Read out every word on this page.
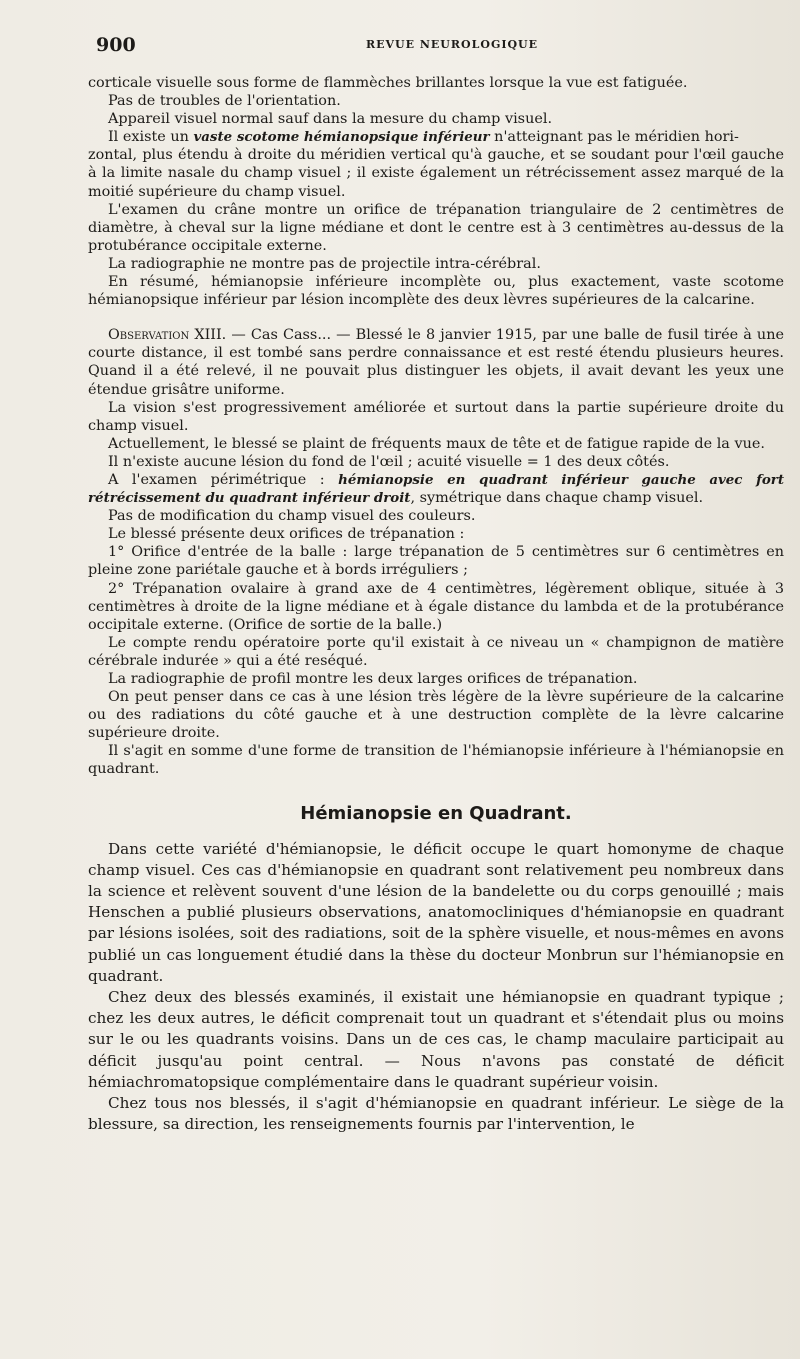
900	REVUE NEUROLOGIQUE

corticale visuelle sous forme de flammèches brillantes lorsque la vue est fatiguée.

Pas de troubles de l'orientation.

Appareil visuel normal sauf dans la mesure du champ visuel.

Il existe un vaste scotome hémianopsique inférieur n'atteignant pas le méridien hori-

zontal, plus étendu à droite du méridien vertical qu'à gauche, et se soudant pour l'œil gauche à la limite nasale du champ visuel ; il existe également un rétrécissement assez marqué de la moitié supérieure du champ visuel.

L'examen du crâne montre un orifice de trépanation triangulaire de 2 centimètres de diamètre, à cheval sur la ligne médiane et dont le centre est à 3 centimètres au-dessus de la protubérance occipitale externe.

La radiographie ne montre pas de projectile intra-cérébral.

En résumé, hémianopsie inférieure incomplète ou, plus exactement, vaste scotome hémianopsique inférieur par lésion incomplète des deux lèvres supérieures de la calcarine.

Observation XIII. — Cas Cass... — Blessé le 8 janvier 1915, par une balle de fusil tirée à une courte distance, il est tombé sans perdre connaissance et est resté étendu plusieurs heures. Quand il a été relevé, il ne pouvait plus distinguer les objets, il avait devant les yeux une étendue grisâtre uniforme.

La vision s'est progressivement améliorée et surtout dans la partie supérieure droite du champ visuel.

Actuellement, le blessé se plaint de fréquents maux de tête et de fatigue rapide de la vue.

Il n'existe aucune lésion du fond de l'œil ; acuité visuelle = 1 des deux côtés.

A l'examen périmétrique : hémianopsie en quadrant inférieur gauche avec fort rétrécissement du quadrant inférieur droit, symétrique dans chaque champ visuel.

Pas de modification du champ visuel des couleurs.

Le blessé présente deux orifices de trépanation :

1° Orifice d'entrée de la balle : large trépanation de 5 centimètres sur 6 centimètres en pleine zone pariétale gauche et à bords irréguliers ;

2° Trépanation ovalaire à grand axe de 4 centimètres, légèrement oblique, située à 3 centimètres à droite de la ligne médiane et à égale distance du lambda et de la protubérance occipitale externe. (Orifice de sortie de la balle.)

Le compte rendu opératoire porte qu'il existait à ce niveau un « champignon de matière cérébrale indurée » qui a été reséqué.

La radiographie de profil montre les deux larges orifices de trépanation.

On peut penser dans ce cas à une lésion très légère de la lèvre supérieure de la calcarine ou des radiations du côté gauche et à une destruction complète de la lèvre calcarine supérieure droite.

Il s'agit en somme d'une forme de transition de l'hémianopsie inférieure à l'hémianopsie en quadrant.

Hémianopsie en Quadrant.

Dans cette variété d'hémianopsie, le déficit occupe le quart homonyme de chaque champ visuel. Ces cas d'hémianopsie en quadrant sont relativement peu nombreux dans la science et relèvent souvent d'une lésion de la bandelette ou du corps genouillé ; mais Henschen a publié plusieurs observations, anatomocliniques d'hémianopsie en quadrant par lésions isolées, soit des radiations, soit de la sphère visuelle, et nous-mêmes en avons publié un cas longuement étudié dans la thèse du docteur Monbrun sur l'hémianopsie en quadrant.

Chez deux des blessés examinés, il existait une hémianopsie en quadrant typique ; chez les deux autres, le déficit comprenait tout un quadrant et s'étendait plus ou moins sur le ou les quadrants voisins. Dans un de ces cas, le champ maculaire participait au déficit jusqu'au point central. — Nous n'avons pas constaté de déficit hémiachromatopsique complémentaire dans le quadrant supérieur voisin.

Chez tous nos blessés, il s'agit d'hémianopsie en quadrant inférieur. Le siège de la blessure, sa direction, les renseignements fournis par l'intervention, le
